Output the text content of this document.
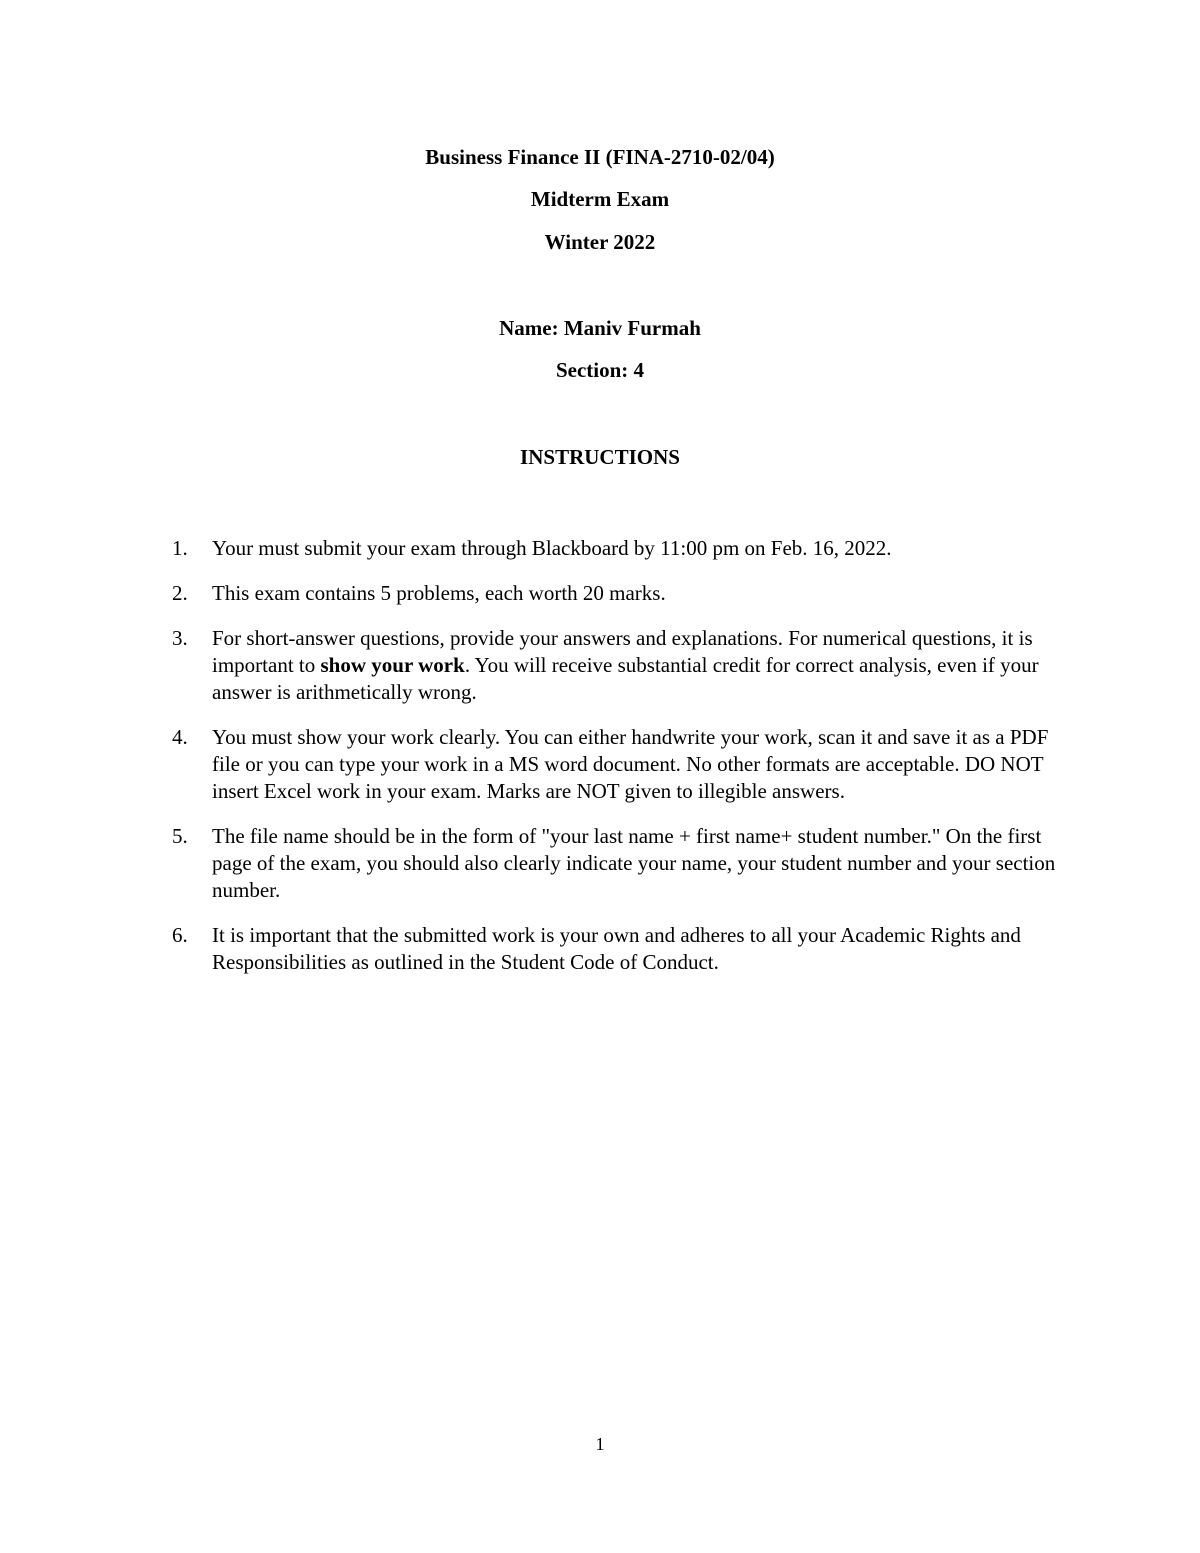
Business Finance II (FINA-2710-02/04)
Midterm Exam
Winter 2022
Name: Maniv Furmah
Section: 4
INSTRUCTIONS
1. Your must submit your exam through Blackboard by 11:00 pm on Feb. 16, 2022.
2. This exam contains 5 problems, each worth 20 marks.
3. For short-answer questions, provide your answers and explanations. For numerical questions, it is important to show your work. You will receive substantial credit for correct analysis, even if your answer is arithmetically wrong.
4. You must show your work clearly. You can either handwrite your work, scan it and save it as a PDF file or you can type your work in a MS word document. No other formats are acceptable. DO NOT insert Excel work in your exam. Marks are NOT given to illegible answers.
5. The file name should be in the form of "your last name + first name+ student number." On the first page of the exam, you should also clearly indicate your name, your student number and your section number.
6. It is important that the submitted work is your own and adheres to all your Academic Rights and Responsibilities as outlined in the Student Code of Conduct.
1
